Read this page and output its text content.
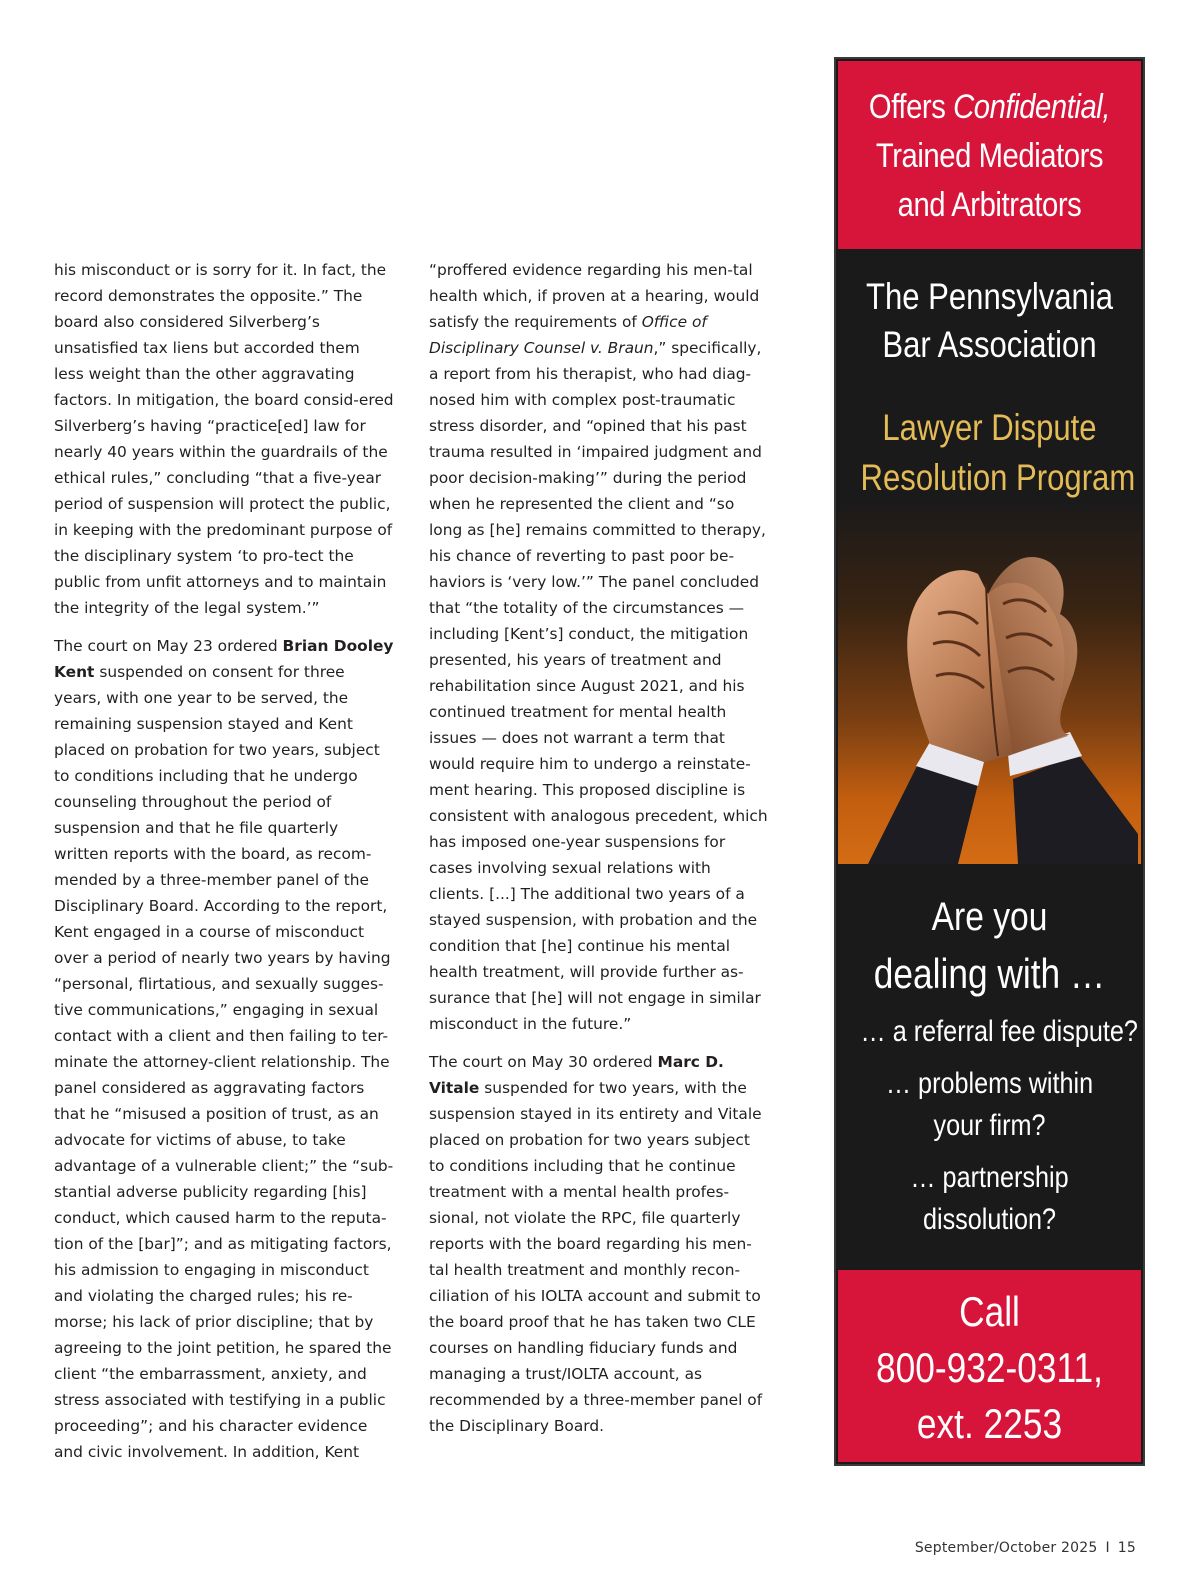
his misconduct or is sorry for it. In fact, the record demonstrates the opposite.” The board also considered Silverberg’s unsatisfied tax liens but accorded them less weight than the other aggravating factors. In mitigation, the board consid-ered Silverberg’s having “practice[ed] law for nearly 40 years within the guardrails of the ethical rules,” concluding “that a five-year period of suspension will protect the public, in keeping with the predominant purpose of the disciplinary system ‘to pro-tect the public from unfit attorneys and to maintain the integrity of the legal system.’”

The court on May 23 ordered Brian Dooley Kent suspended on consent for three years, with one year to be served, the remaining suspension stayed and Kent placed on probation for two years, subject to conditions including that he undergo counseling throughout the period of suspension and that he file quarterly written reports with the board, as recom-mended by a three-member panel of the Disciplinary Board. According to the report, Kent engaged in a course of misconduct over a period of nearly two years by having “personal, flirtatious, and sexually sugges-tive communications,” engaging in sexual contact with a client and then failing to ter-minate the attorney-client relationship. The panel considered as aggravating factors that he “misused a position of trust, as an advocate for victims of abuse, to take advantage of a vulnerable client;” the “sub-stantial adverse publicity regarding [his] conduct, which caused harm to the reputa-tion of the [bar]”; and as mitigating factors, his admission to engaging in misconduct and violating the charged rules; his re-morse; his lack of prior discipline; that by agreeing to the joint petition, he spared the client “the embarrassment, anxiety, and stress associated with testifying in a public proceeding”; and his character evidence and civic involvement. In addition, Kent

“proffered evidence regarding his men-tal health which, if proven at a hearing, would satisfy the requirements of Office of Disciplinary Counsel v. Braun,” specifically, a report from his therapist, who had diag-nosed him with complex post-traumatic stress disorder, and “opined that his past trauma resulted in ‘impaired judgment and poor decision-making’” during the period when he represented the client and “so long as [he] remains committed to therapy, his chance of reverting to past poor be-haviors is ‘very low.’” The panel concluded that “the totality of the circumstances — including [Kent’s] conduct, the mitigation presented, his years of treatment and rehabilitation since August 2021, and his continued treatment for mental health issues — does not warrant a term that would require him to undergo a reinstate-ment hearing. This proposed discipline is consistent with analogous precedent, which has imposed one-year suspensions for cases involving sexual relations with clients. [...] The additional two years of a stayed suspension, with probation and the condition that [he] continue his mental health treatment, will provide further as-surance that [he] will not engage in similar misconduct in the future.”

The court on May 30 ordered Marc D. Vitale suspended for two years, with the suspension stayed in its entirety and Vitale placed on probation for two years subject to conditions including that he continue treatment with a mental health profes-sional, not violate the RPC, file quarterly reports with the board regarding his men-tal health treatment and monthly recon-ciliation of his IOLTA account and submit to the board proof that he has taken two CLE courses on handling fiduciary funds and managing a trust/IOLTA account, as recommended by a three-member panel of the Disciplinary Board.

Offers Confidential,
Trained Mediators
and Arbitrators
The Pennsylvania
Bar Association
Lawyer Dispute
Resolution Program
Are you
dealing with …
… a referral fee dispute?
… problems within
your firm?
… partnership
dissolution?
Call
800-932-0311,
ext. 2253
September/October 2025 I 15
